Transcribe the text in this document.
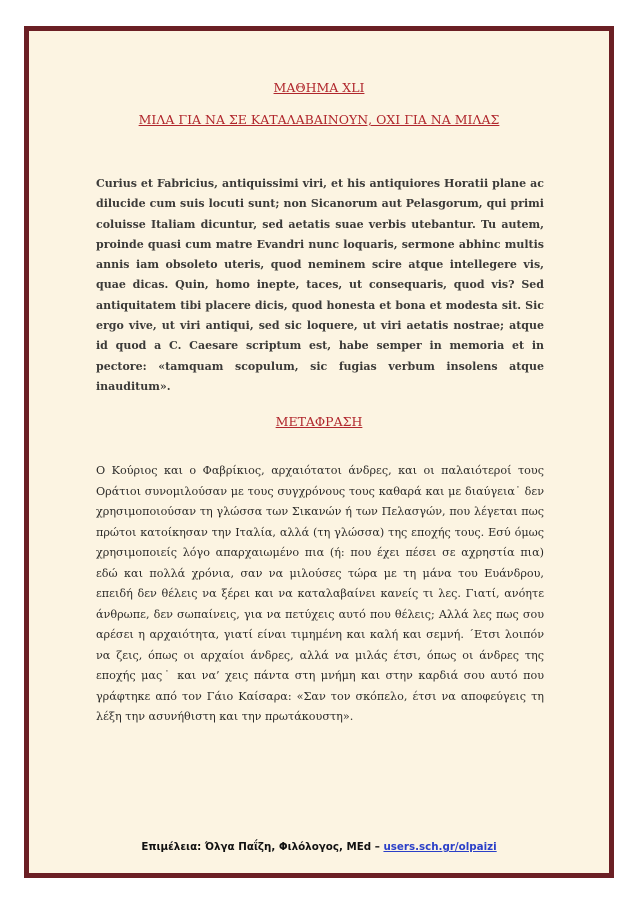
ΜΑΘΗΜΑ XLI

ΜΙΛΑ ΓΙΑ ΝΑ ΣΕ ΚΑΤΑΛΑΒΑΙΝΟΥΝ, ΟΧΙ ΓΙΑ ΝΑ ΜΙΛΑΣ

Curius et Fabricius, antiquissimi viri, et his antiquiores Horatii plane ac dilucide cum suis locuti sunt; non Sicanorum aut Pelasgorum, qui primi coluisse Italiam dicuntur, sed aetatis suae verbis utebantur. Tu autem, proinde quasi cum matre Evandri nunc loquaris, sermone abhinc multis annis iam obsoleto uteris, quod neminem scire atque intellegere vis, quae dicas. Quin, homo inepte, taces, ut consequaris, quod vis? Sed antiquitatem tibi placere dicis, quod honesta et bona et modesta sit. Sic ergo vive, ut viri antiqui, sed sic loquere, ut viri aetatis nostrae; atque id quod a C. Caesare scriptum est, habe semper in memoria et in pectore: «tamquam scopulum, sic fugias verbum insolens atque inauditum».

ΜΕΤΑΦΡΑΣΗ

Ο Κούριος και ο Φαβρίκιος, αρχαιότατοι άνδρες, και οι παλαιότεροί τους Οράτιοι συνομιλούσαν με τους συγχρόνους τους καθαρά και με διαύγεια˙ δεν χρησιμοποιούσαν τη γλώσσα των Σικανών ή των Πελασγών, που λέγεται πως πρώτοι κατοίκησαν την Ιταλία, αλλά (τη γλώσσα) της εποχής τους. Εσύ όμως χρησιμοποιείς λόγο απαρχαιωμένο πια (ή: που έχει πέσει σε αχρηστία πια) εδώ και πολλά χρόνια, σαν να μιλούσες τώρα με τη μάνα του Ευάνδρου, επειδή δεν θέλεις να ξέρει και να καταλαβαίνει κανείς τι λες. Γιατί, ανόητε άνθρωπε, δεν σωπαίνεις, για να πετύχεις αυτό που θέλεις; Αλλά λες πως σου αρέσει η αρχαιότητα, γιατί είναι τιμημένη και καλή και σεμνή. ΄Ετσι λοιπόν να ζεις, όπως οι αρχαίοι άνδρες, αλλά να μιλάς έτσι, όπως οι άνδρες της εποχής μας˙ και να’ χεις πάντα στη μνήμη και στην καρδιά σου αυτό που γράφτηκε από τον Γάιο Καίσαρα: «Σαν τον σκόπελο, έτσι να αποφεύγεις τη λέξη την ασυνήθιστη και την πρωτάκουστη».

Επιμέλεια: Όλγα Παΐζη, Φιλόλογος, MEd – users.sch.gr/olpaizi
